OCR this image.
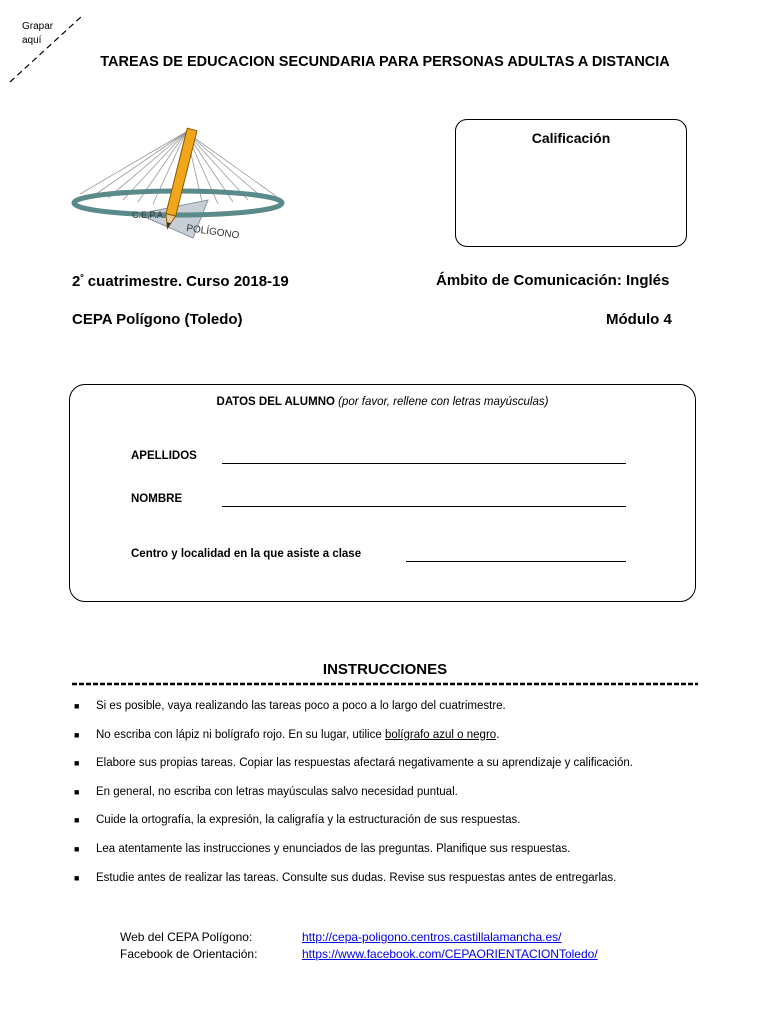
Grapar
aquí
TAREAS DE EDUCACION SECUNDARIA PARA PERSONAS ADULTAS A DISTANCIA
C.E.P.A.
POLÍGONO
Calificación
$2^º$ cuatrimestre. Curso 2018-19	Ámbito de Comunicación: Inglés
CEPA Polígono (Toledo)	Módulo 4
DATOS DEL ALUMNO (por favor, rellene con letras mayúsculas)
APELLIDOS
NOMBRE
Centro y localidad en la que asiste a clase
INSTRUCCIONES
■ Si es posible, vaya realizando las tareas poco a poco a lo largo del cuatrimestre.
■ No escriba con lápiz ni bolígrafo rojo. En su lugar, utilice bolígrafo azul o negro.
■ Elabore sus propias tareas. Copiar las respuestas afectará negativamente a su aprendizaje y calificación.
■ En general, no escriba con letras mayúsculas salvo necesidad puntual.
■ Cuide la ortografía, la expresión, la caligrafía y la estructuración de sus respuestas.
■ Lea atentamente las instrucciones y enunciados de las preguntas. Planifique sus respuestas.
■ Estudie antes de realizar las tareas. Consulte sus dudas. Revise sus respuestas antes de entregarlas.
Web del CEPA Polígono:	http://cepa-poligono.centros.castillalamancha.es/
Facebook de Orientación:	https://www.facebook.com/CEPAORIENTACIONToledo/
